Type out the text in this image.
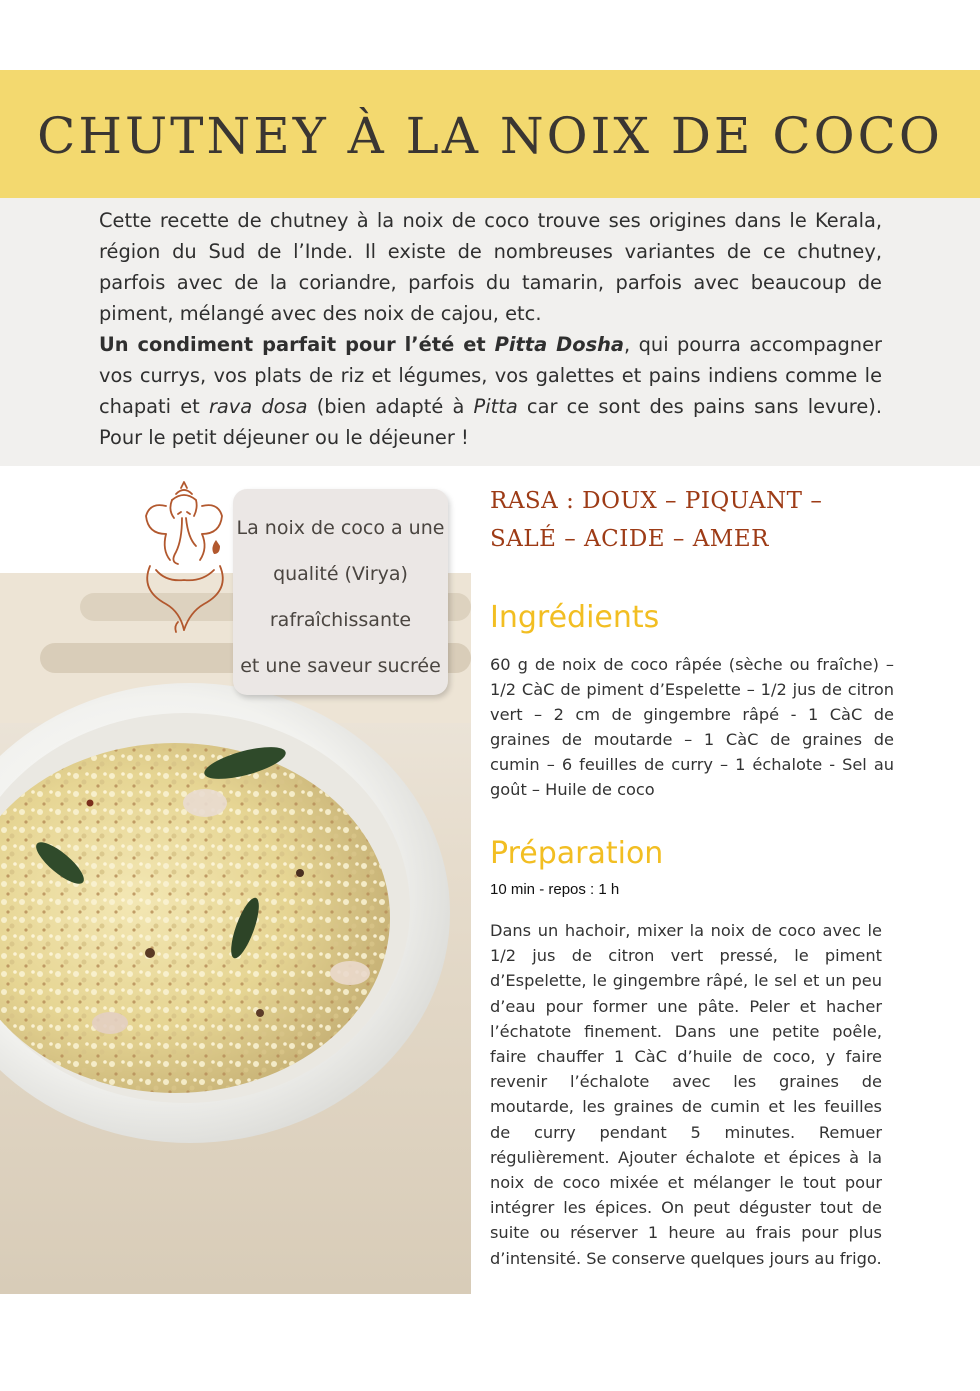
CHUTNEY À LA NOIX DE COCO

Cette recette de chutney à la noix de coco trouve ses origines dans le Kerala, région du Sud de l’Inde. Il existe de nombreuses variantes de ce chutney, parfois avec de la coriandre, parfois du tamarin, parfois avec beaucoup de piment, mélangé avec des noix de cajou, etc.

Un condiment parfait pour l’été et Pitta Dosha, qui pourra accompagner vos currys, vos plats de riz et légumes, vos galettes et pains indiens comme le chapati et rava dosa (bien adapté à Pitta car ce sont des pains sans levure). Pour le petit déjeuner ou le déjeuner !

La noix de coco a une
qualité (Virya)
rafraîchissante
et une saveur sucrée
RASA : DOUX – PIQUANT –
SALÉ – ACIDE – AMER
Ingrédients

60 g de noix de coco râpée (sèche ou fraîche) – 1/2 CàC de piment d’Espelette – 1/2 jus de citron vert – 2 cm de gingembre râpé - 1 CàC de graines de moutarde – 1 CàC de graines de cumin – 6 feuilles de curry – 1 échalote - Sel au goût – Huile de coco

Préparation
10 min - repos : 1 h

Dans un hachoir, mixer la noix de coco avec le 1/2 jus de citron vert pressé, le piment d’Espelette, le gingembre râpé, le sel et un peu d’eau pour former une pâte. Peler et hacher l’échatote finement. Dans une petite poêle, faire chauffer 1 CàC d’huile de coco, y faire revenir l’échalote avec les graines de moutarde, les graines de cumin et les feuilles de curry pendant 5 minutes. Remuer régulièrement. Ajouter échalote et épices à la noix de coco mixée et mélanger le tout pour intégrer les épices. On peut déguster tout de suite ou réserver 1 heure au frais pour plus d’intensité. Se conserve quelques jours au frigo.
